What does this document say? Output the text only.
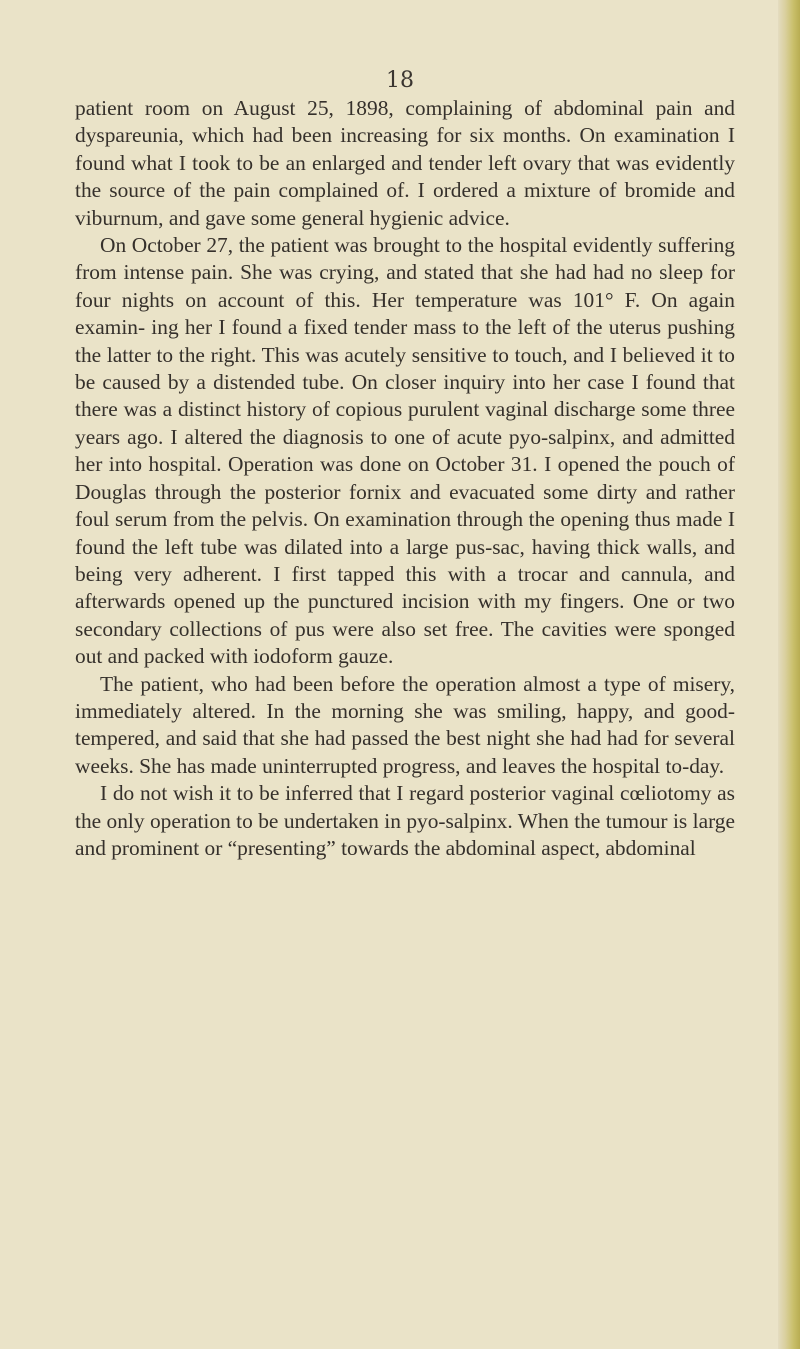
18

patient room on August 25, 1898, complaining of abdominal pain and dyspareunia, which had been increasing for six months. On examination I found what I took to be an enlarged and tender left ovary that was evidently the source of the pain complained of. I ordered a mixture of bromide and viburnum, and gave some general hygienic advice.

On October 27, the patient was brought to the hospital evidently suffering from intense pain. She was crying, and stated that she had had no sleep for four nights on account of this. Her temperature was 101° F. On again examin- ing her I found a fixed tender mass to the left of the uterus pushing the latter to the right. This was acutely sensitive to touch, and I believed it to be caused by a distended tube. On closer inquiry into her case I found that there was a distinct history of copious purulent vaginal discharge some three years ago. I altered the diagnosis to one of acute pyo-salpinx, and admitted her into hospital. Operation was done on October 31. I opened the pouch of Douglas through the posterior fornix and evacuated some dirty and rather foul serum from the pelvis. On examination through the opening thus made I found the left tube was dilated into a large pus-sac, having thick walls, and being very adherent. I first tapped this with a trocar and cannula, and afterwards opened up the punctured incision with my fingers. One or two secondary collections of pus were also set free. The cavities were sponged out and packed with iodoform gauze.

The patient, who had been before the operation almost a type of misery, immediately altered. In the morning she was smiling, happy, and good-tempered, and said that she had passed the best night she had had for several weeks. She has made uninterrupted progress, and leaves the hospital to-day.

I do not wish it to be inferred that I regard posterior vaginal cœliotomy as the only operation to be undertaken in pyo-salpinx. When the tumour is large and prominent or “presenting” towards the abdominal aspect, abdominal
